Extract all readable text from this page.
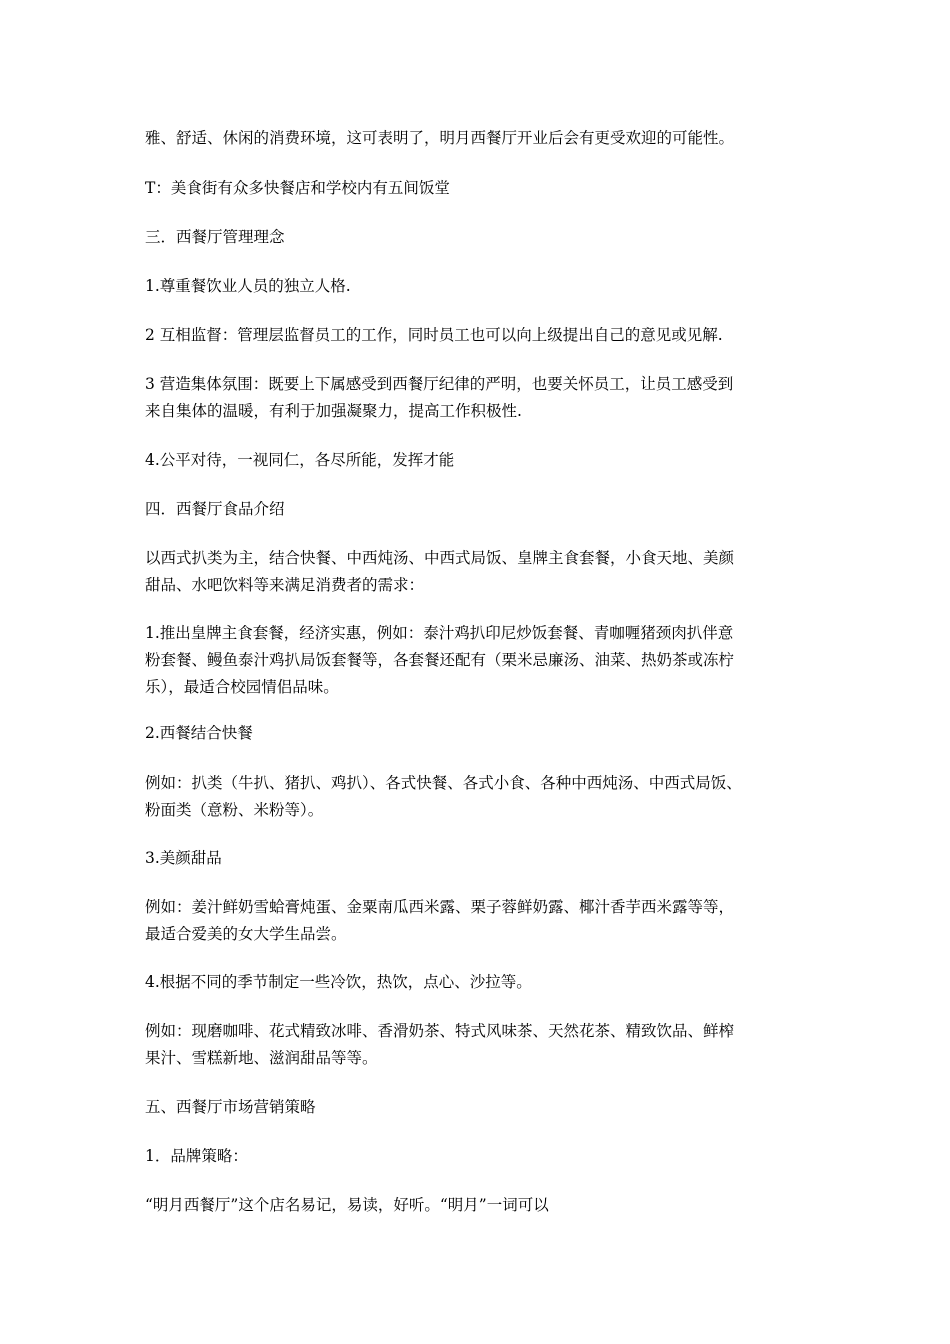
雅、舒适、休闲的消费环境，这可表明了，明月西餐厅开业后会有更受欢迎的可能性。

T：美食街有众多快餐店和学校内有五间饭堂

三．西餐厅管理理念

1.尊重餐饮业人员的独立人格.

2 互相监督：管理层监督员工的工作，同时员工也可以向上级提出自己的意见或见解.

3 营造集体氛围：既要上下属感受到西餐厅纪律的严明，也要关怀员工，让员工感受到
来自集体的温暖，有利于加强凝聚力，提高工作积极性.

4.公平对待，一视同仁，各尽所能，发挥才能

四．西餐厅食品介绍

以西式扒类为主，结合快餐、中西炖汤、中西式局饭、皇牌主食套餐，小食天地、美颜
甜品、水吧饮料等来满足消费者的需求：

1.推出皇牌主食套餐，经济实惠，例如：泰汁鸡扒印尼炒饭套餐、青咖喱猪颈肉扒伴意
粉套餐、鳗鱼泰汁鸡扒局饭套餐等，各套餐还配有（栗米忌廉汤、油菜、热奶茶或冻柠
乐），最适合校园情侣品味。

2.西餐结合快餐

例如：扒类（牛扒、猪扒、鸡扒）、各式快餐、各式小食、各种中西炖汤、中西式局饭、
粉面类（意粉、米粉等）。

3.美颜甜品

例如：姜汁鲜奶雪蛤膏炖蛋、金粟南瓜西米露、栗子蓉鲜奶露、椰汁香芋西米露等等，
最适合爱美的女大学生品尝。

4.根据不同的季节制定一些冷饮，热饮，点心、沙拉等。

例如：现磨咖啡、花式精致冰啡、香滑奶茶、特式风味茶、天然花茶、精致饮品、鲜榨
果汁、雪糕新地、滋润甜品等等。

五、西餐厅市场营销策略

1．品牌策略：

“明月西餐厅”这个店名易记，易读，好听。“明月”一词可以
